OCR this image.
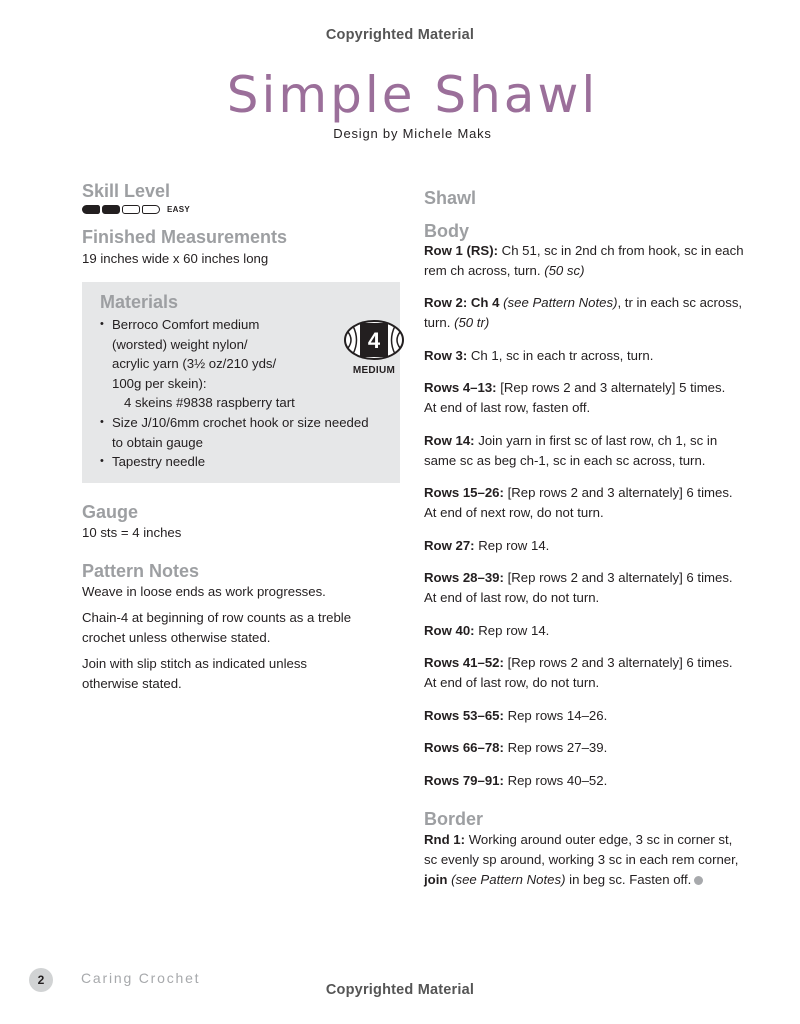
Copyrighted Material
Simple Shawl
Design by Michele Maks
Skill Level
EASY
Finished Measurements
19 inches wide x 60 inches long
Materials
• Berroco Comfort medium
(worsted) weight nylon/
acrylic yarn (3½ oz/210 yds/
100g per skein):
4 skeins #9838 raspberry tart
• Size J/10/6mm crochet hook or size needed
to obtain gauge
• Tapestry needle
4
MEDIUM
Gauge
10 sts = 4 inches
Pattern Notes

Weave in loose ends as work progresses.

Chain-4 at beginning of row counts as a treble
crochet unless otherwise stated.

Join with slip stitch as indicated unless
otherwise stated.

Shawl
Body

Row 1 (RS): Ch 51, sc in 2nd ch from hook, sc in each

rem ch across, turn. (50 sc)

Row 2: Ch 4 (see Pattern Notes), tr in each sc across,

turn. (50 tr)

Row 3: Ch 1, sc in each tr across, turn.

Rows 4–13: [Rep rows 2 and 3 alternately] 5 times.

At end of last row, fasten off.

Row 14: Join yarn in first sc of last row, ch 1, sc in

same sc as beg ch-1, sc in each sc across, turn.

Rows 15–26: [Rep rows 2 and 3 alternately] 6 times.

At end of next row, do not turn.

Row 27: Rep row 14.

Rows 28–39: [Rep rows 2 and 3 alternately] 6 times.

At end of last row, do not turn.

Row 40: Rep row 14.

Rows 41–52: [Rep rows 2 and 3 alternately] 6 times.

At end of last row, do not turn.

Rows 53–65: Rep rows 14–26.

Rows 66–78: Rep rows 27–39.

Rows 79–91: Rep rows 40–52.

Border

Rnd 1: Working around outer edge, 3 sc in corner st,

sc evenly sp around, working 3 sc in each rem corner,

join (see Pattern Notes) in beg sc. Fasten off.

2	Caring Crochet
Copyrighted Material
